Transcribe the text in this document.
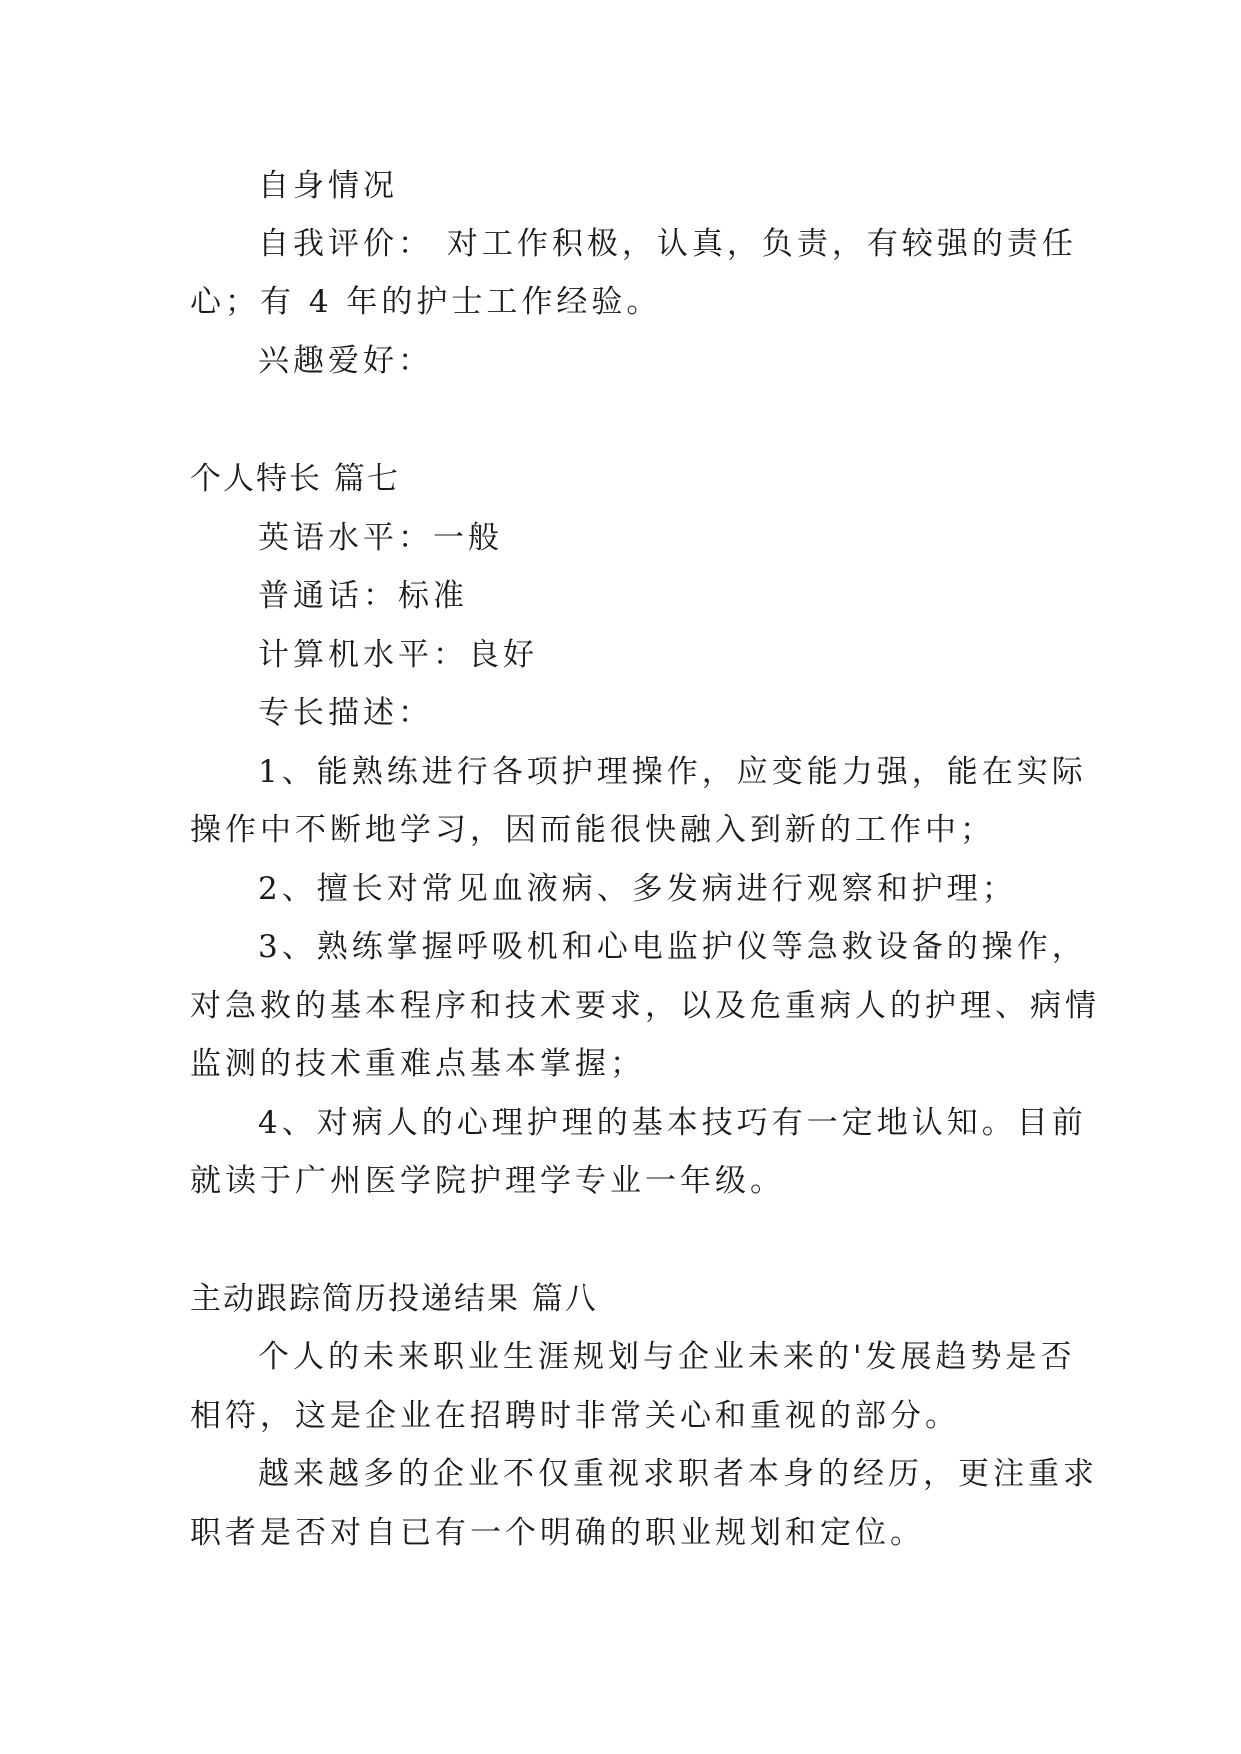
自身情况
自我评价： 对工作积极，认真，负责，有较强的责任
心；有 4 年的护士工作经验。
兴趣爱好：
个人特长 篇七
英语水平：一般
普通话：标准
计算机水平：良好
专长描述：
1、能熟练进行各项护理操作，应变能力强，能在实际
操作中不断地学习，因而能很快融入到新的工作中；
2、擅长对常见血液病、多发病进行观察和护理；
3、熟练掌握呼吸机和心电监护仪等急救设备的操作，
对急救的基本程序和技术要求，以及危重病人的护理、病情
监测的技术重难点基本掌握；
4、对病人的心理护理的基本技巧有一定地认知。目前
就读于广州医学院护理学专业一年级。
主动跟踪简历投递结果 篇八
个人的未来职业生涯规划与企业未来的'发展趋势是否
相符，这是企业在招聘时非常关心和重视的部分。
越来越多的企业不仅重视求职者本身的经历，更注重求
职者是否对自已有一个明确的职业规划和定位。
